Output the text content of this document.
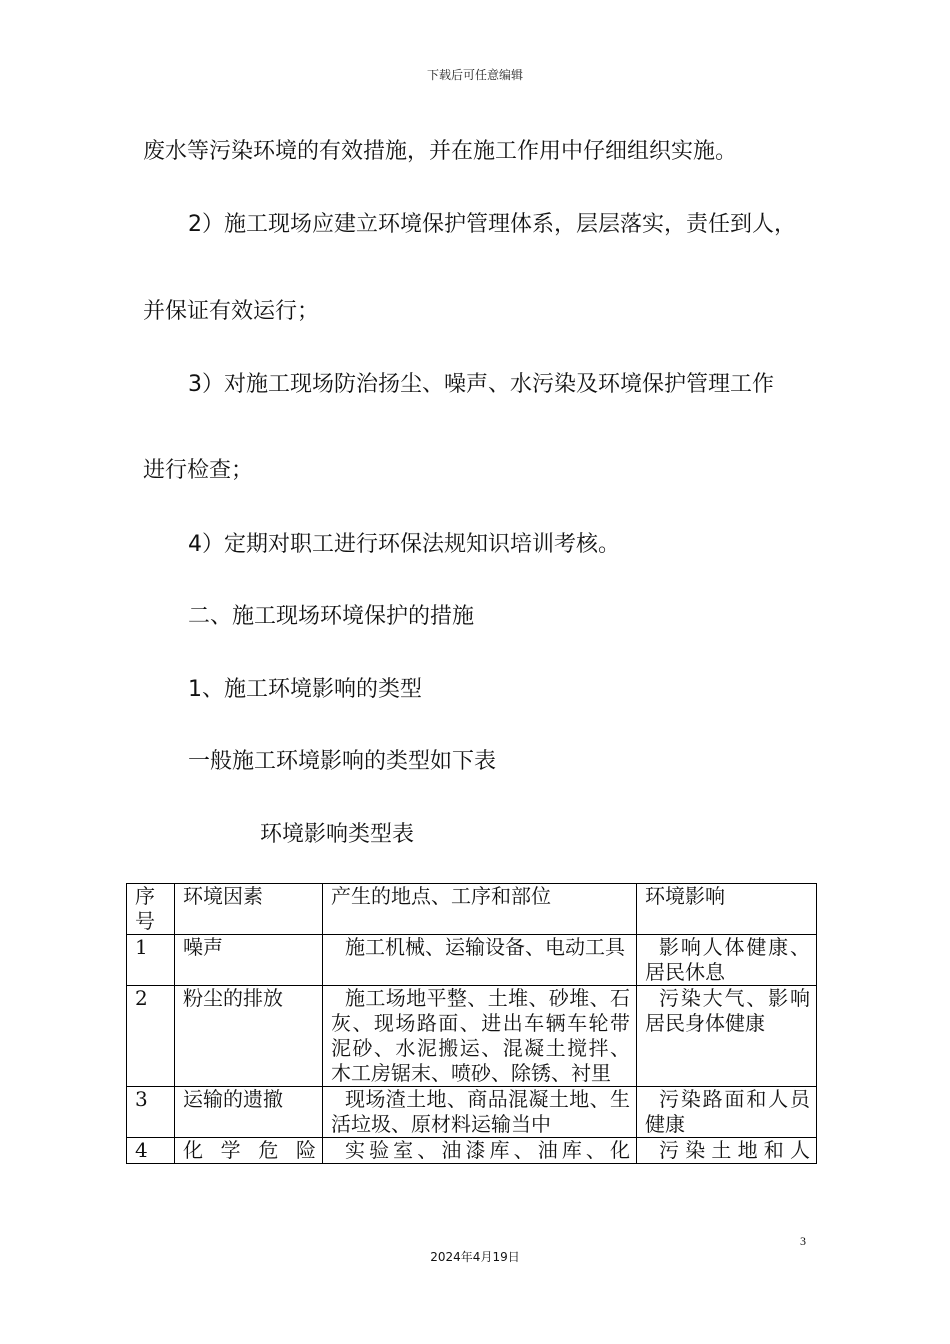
下载后可任意编辑
废水等污染环境的有效措施，并在施工作用中仔细组织实施。
2）施工现场应建立环境保护管理体系，层层落实，责任到人，
并保证有效运行；
3）对施工现场防治扬尘、噪声、水污染及环境保护管理工作
进行检查；
4）定期对职工进行环保法规知识培训考核。
二、施工现场环境保护的措施
1、施工环境影响的类型
一般施工环境影响的类型如下表
环境影响类型表
序号	环境因素	产生的地点、工序和部位	环境影响
1	噪声	施工机械、运输设备、电动工具	影响人体健康、居民休息
2	粉尘的排放	施工场地平整、土堆、砂堆、石灰、现场路面、进出车辆车轮带泥砂、水泥搬运、混凝土搅拌、木工房锯末、喷砂、除锈、衬里	污染大气、影响居民身体健康
3	运输的遗撤	现场渣土地、商品混凝土地、生活垃圾、原材料运输当中	污染路面和人员健康
4	化学危险	实验室、油漆库、油库、化	污染土地和人
3
2024年4月19日
